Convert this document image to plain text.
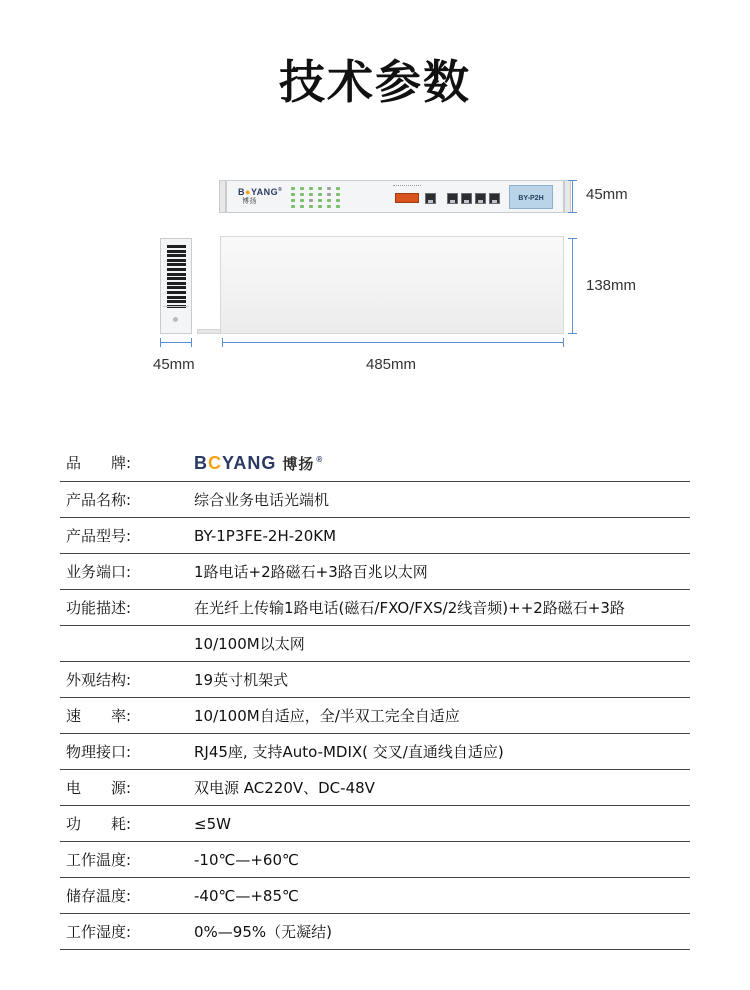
技术参数
B●YANG®
博扬	BY-P2H	45mm
138mm
45mm	485mm
品 牌:	BCYANG 博扬 ®
产品名称:	综合业务电话光端机
产品型号:	BY-1P3FE-2H-20KM
业务端口:	1路电话+2路磁石+3路百兆以太网
功能描述:	在光纤上传输1路电话(磁石/FXO/FXS/2线音频)++2路磁石+3路
10/100M以太网
外观结构:	19英寸机架式
速 率:	10/100M自适应，全/半双工完全自适应
物理接口:	RJ45座, 支持Auto-MDIX( 交叉/直通线自适应)
电 源:	双电源 AC220V、DC-48V
功 耗:	≤5W
工作温度:	-10℃—+60℃
储存温度:	-40℃—+85℃
工作湿度:	0%—95%（无凝结)
